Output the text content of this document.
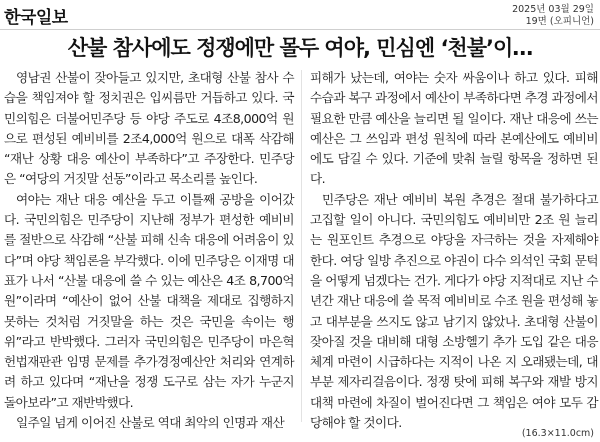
한국일보	2025년 03월 29일
19면 (오피니언)
산불 참사에도 정쟁에만 몰두 여야, 민심엔 ‘천불’이…

영남권 산불이 잦아들고 있지만, 초대형 산불 참사 수습을 책임져야 할 정치권은 입씨름만 거듭하고 있다. 국민의힘은 더불어민주당 등 야당 주도로 4조8,000억 원으로 편성된 예비비를 2조4,000억 원으로 대폭 삭감해 “재난 상황 대응 예산이 부족하다”고 주장한다. 민주당은 “여당의 거짓말 선동”이라고 목소리를 높인다.

여야는 재난 대응 예산을 두고 이틀째 공방을 이어갔다. 국민의힘은 민주당이 지난해 정부가 편성한 예비비를 절반으로 삭감해 “산불 피해 신속 대응에 어려움이 있다”며 야당 책임론을 부각했다. 이에 민주당은 이재명 대표가 나서 “산불 대응에 쓸 수 있는 예산은 4조 8,700억 원”이라며 “예산이 없어 산불 대책을 제대로 집행하지 못하는 것처럼 거짓말을 하는 것은 국민을 속이는 행위”라고 반박했다. 그러자 국민의힘은 민주당이 마은혁 헌법재판관 임명 문제를 추가경정예산안 처리와 연계하려 하고 있다며 “재난을 정쟁 도구로 삼는 자가 누군지 돌아보라”고 재반박했다.

일주일 넘게 이어진 산불로 역대 최악의 인명과 재산

피해가 났는데, 여야는 숫자 싸움이나 하고 있다. 피해 수습과 복구 과정에서 예산이 부족하다면 추경 과정에서 필요한 만큼 예산을 늘리면 될 일이다. 재난 대응에 쓰는 예산은 그 쓰임과 편성 원칙에 따라 본예산에도 예비비에도 담길 수 있다. 기준에 맞춰 늘릴 항목을 정하면 된다.

민주당은 재난 예비비 복원 추경은 절대 불가하다고 고집할 일이 아니다. 국민의힘도 예비비만 2조 원 늘리는 원포인트 추경으로 야당을 자극하는 것을 자제해야 한다. 여당 일방 추진으로 야권이 다수 의석인 국회 문턱을 어떻게 넘겠다는 건가. 게다가 야당 지적대로 지난 수년간 재난 대응에 쓸 목적 예비비로 수조 원을 편성해 놓고 대부분을 쓰지도 않고 남기지 않았나. 초대형 산불이 잦아질 것을 대비해 대형 소방헬기 추가 도입 같은 대응체계 마련이 시급하다는 지적이 나온 지 오래됐는데, 대부분 제자리걸음이다. 정쟁 탓에 피해 복구와 재발 방지 대책 마련에 차질이 벌어진다면 그 책임은 여야 모두 감당해야 할 것이다.

(16.3×11.0cm)
